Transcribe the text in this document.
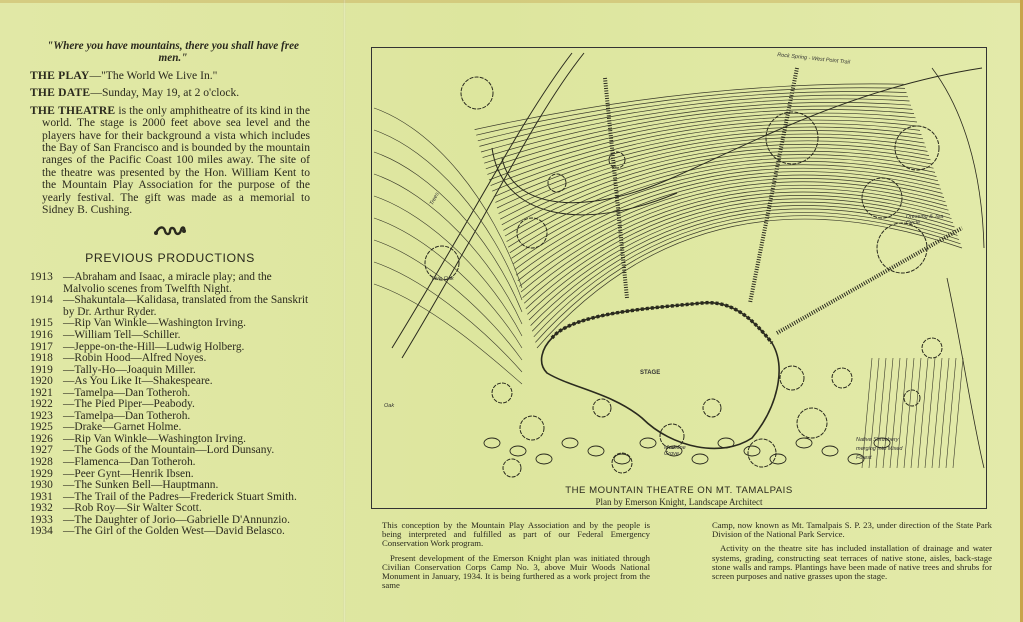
"Where you have mountains, there you shall have free men."
THE PLAY—"The World We Live In."
THE DATE—Sunday, May 19, at 2 o'clock.
THE THEATRE is the only amphitheatre of its kind in the world. The stage is 2000 feet above sea level and the players have for their background a vista which includes the Bay of San Francisco and is bounded by the mountain ranges of the Pacific Coast 100 miles away. The site of the theatre was presented by the Hon. William Kent to the Mountain Play Association for the purpose of the yearly festival. The gift was made as a memorial to Sidney B. Cushing.
PREVIOUS PRODUCTIONS
1913 —Abraham and Isaac, a miracle play; and the Malvolio scenes from Twelfth Night.
1914 —Shakuntala—Kalidasa, translated from the Sanskrit by Dr. Arthur Ryder.
1915 —Rip Van Winkle—Washington Irving.
1916 —William Tell—Schiller.
1917 —Jeppe-on-the-Hill—Ludwig Holberg.
1918 —Robin Hood—Alfred Noyes.
1919 —Tally-Ho—Joaquin Miller.
1920 —As You Like It—Shakespeare.
1921 —Tamelpa—Dan Totheroh.
1922 —The Pied Piper—Peabody.
1923 —Tamelpa—Dan Totheroh.
1925 —Drake—Garnet Holme.
1926 —Rip Van Winkle—Washington Irving.
1927 —The Gods of the Mountain—Lord Dunsany.
1928 —Flamenca—Dan Totheroh.
1929 —Peer Gynt—Henrik Ibsen.
1930 —The Sunken Bell—Hauptmann.
1931 —The Trail of the Padres—Frederick Stuart Smith.
1932 —Rob Roy—Sir Walter Scott.
1933 —The Daughter of Jorio—Gabrielle D'Annunzio.
1934 —The Girl of the Golden West—David Belasco.
Rock Spring - West Point Trail
Trees
Dressing & Tea Circle
Live Oak
Oak
Madrone Grove
Native Shrubbery merging into Mixed Forest
STAGE
THE MOUNTAIN THEATRE ON MT. TAMALPAIS
Plan by Emerson Knight, Landscape Architect

This conception by the Mountain Play Association and by the people is being interpreted and fulfilled as part of our Federal Emergency Conservation Work program.

Present development of the Emerson Knight plan was initiated through Civilian Conservation Corps Camp No. 3, above Muir Woods National Monument in January, 1934. It is being furthered as a work project from the same

Camp, now known as Mt. Tamalpais S. P. 23, under direction of the State Park Division of the National Park Service.

Activity on the theatre site has included installation of drainage and water systems, grading, constructing seat terraces of native stone, aisles, back-stage stone walls and ramps. Plantings have been made of native trees and shrubs for screen purposes and native grasses upon the stage.
